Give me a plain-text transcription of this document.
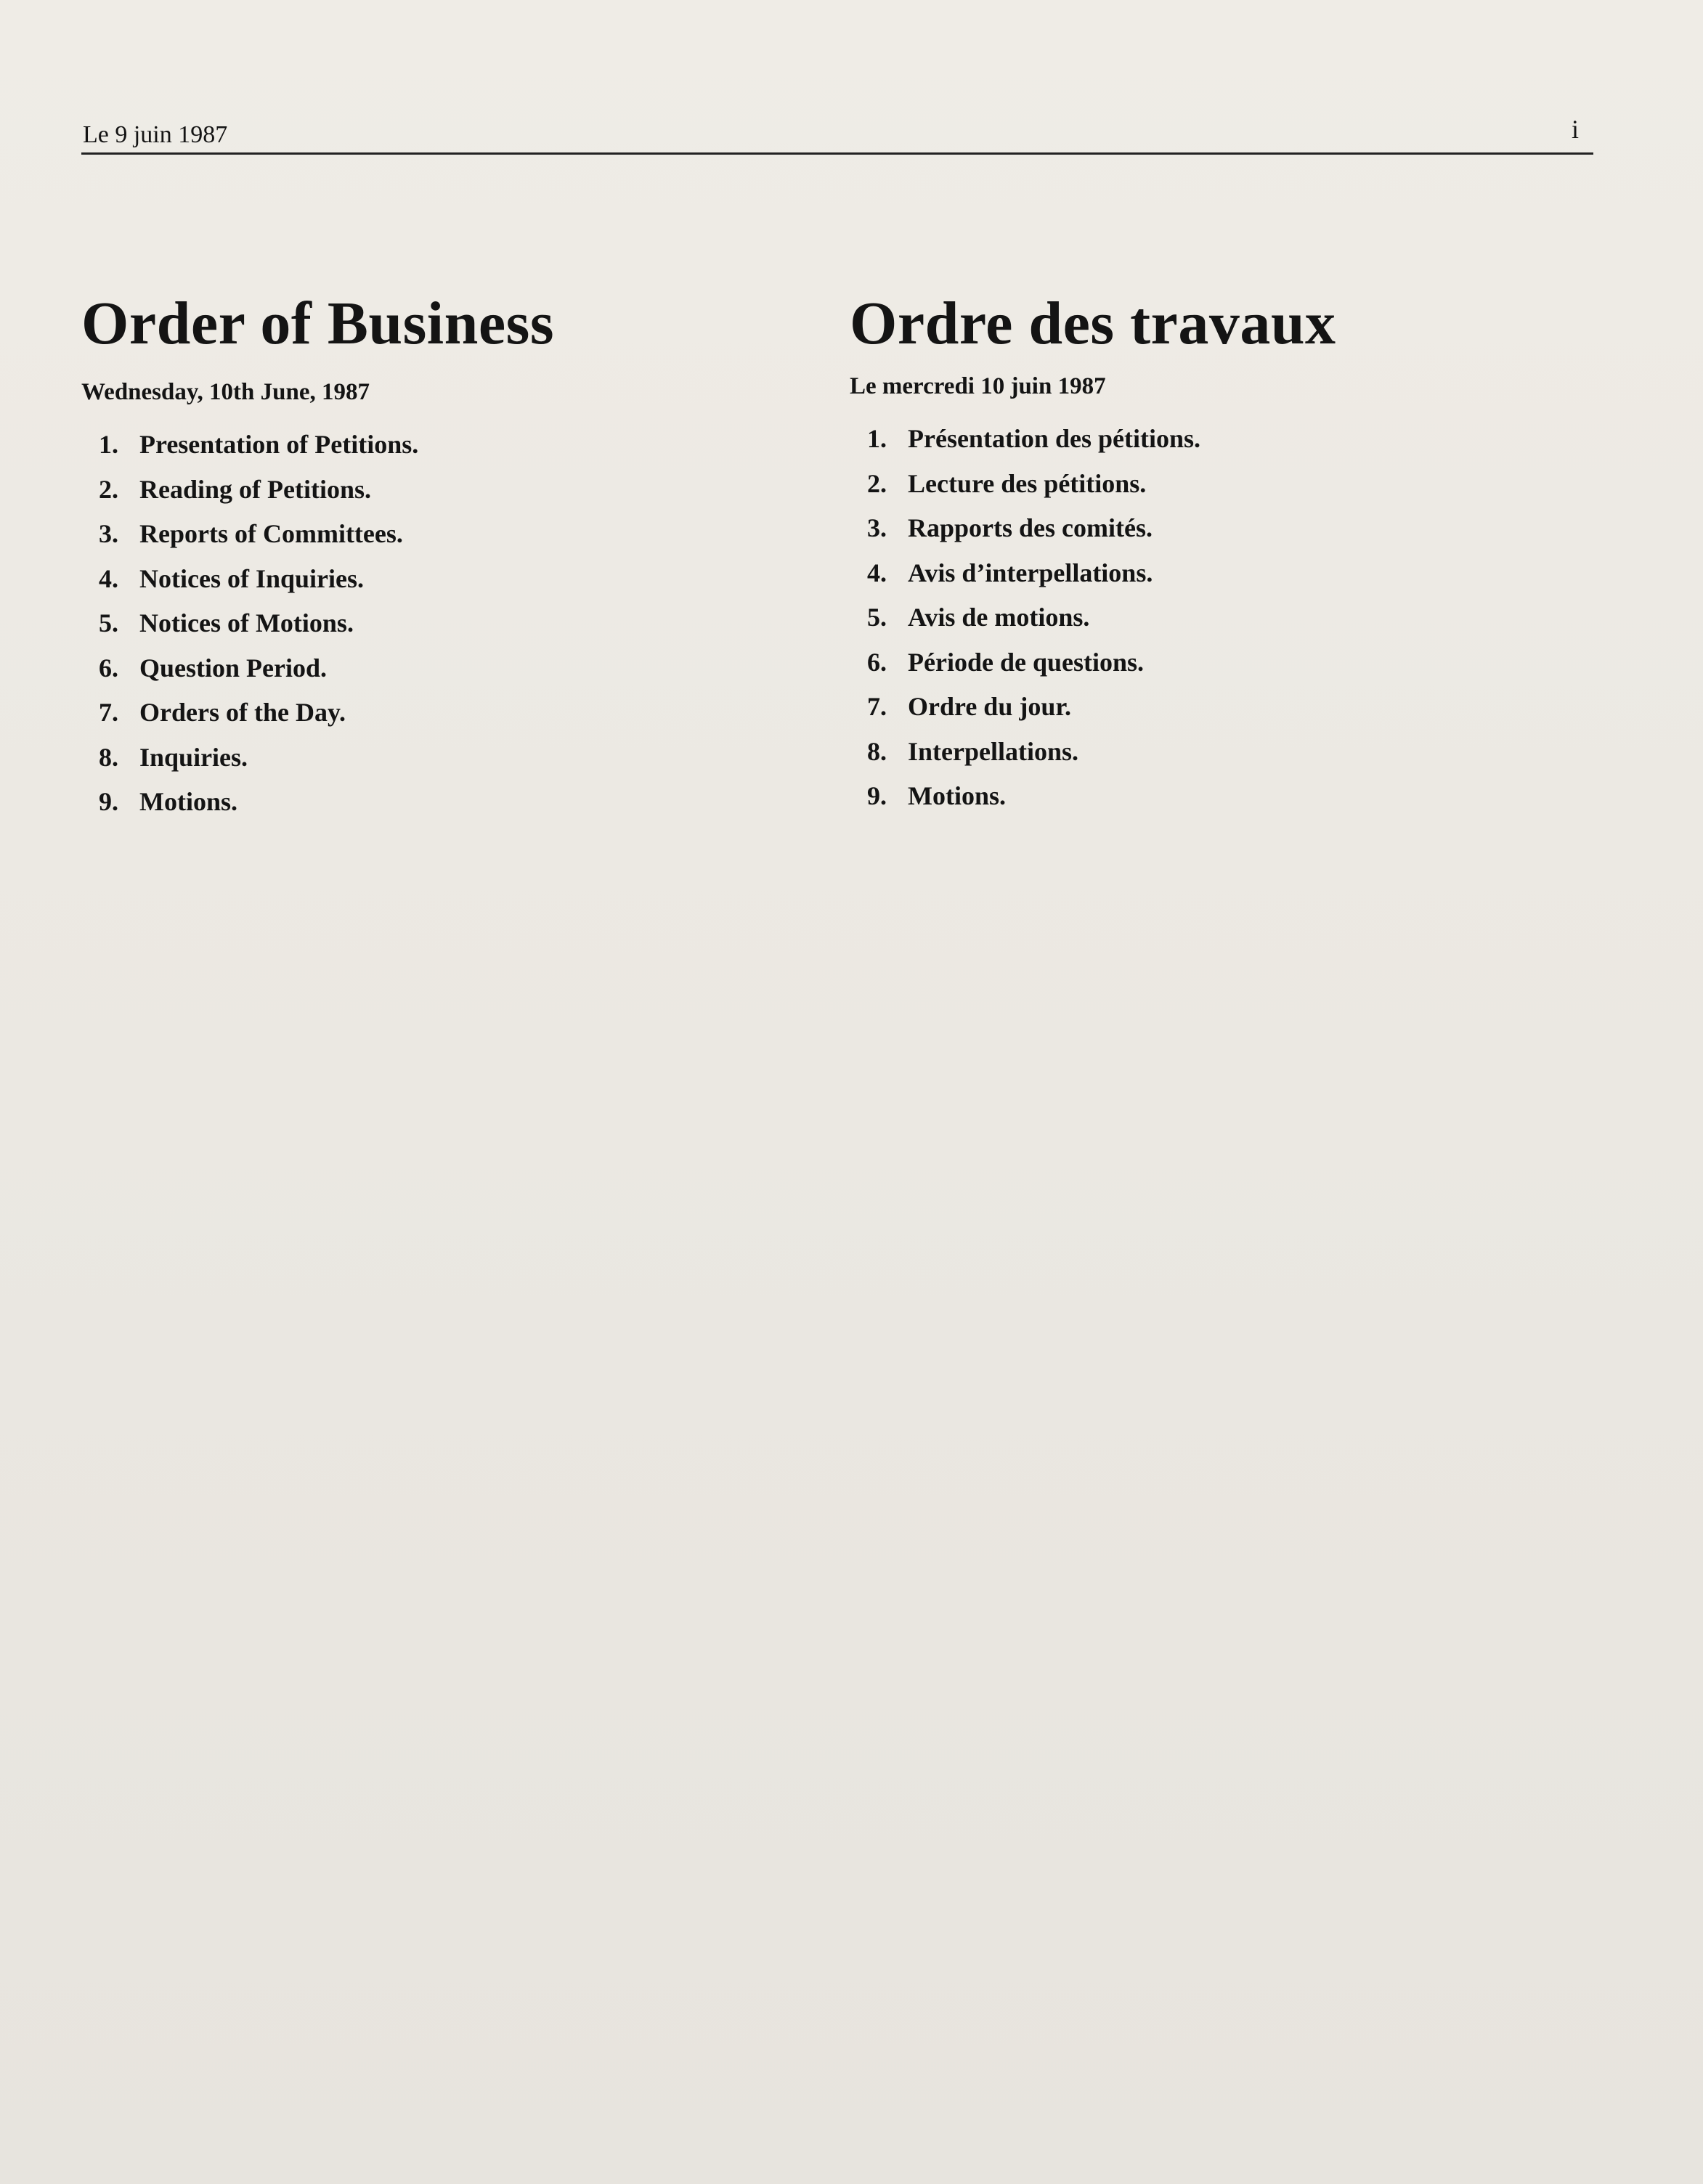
Le 9 juin 1987	i
Order of Business

Wednesday, 10th June, 1987

1. Presentation of Petitions.
2. Reading of Petitions.
3. Reports of Committees.
4. Notices of Inquiries.
5. Notices of Motions.
6. Question Period.
7. Orders of the Day.
8. Inquiries.
9. Motions.
Ordre des travaux

Le mercredi 10 juin 1987

1. Présentation des pétitions.
2. Lecture des pétitions.
3. Rapports des comités.
4. Avis d’interpellations.
5. Avis de motions.
6. Période de questions.
7. Ordre du jour.
8. Interpellations.
9. Motions.
